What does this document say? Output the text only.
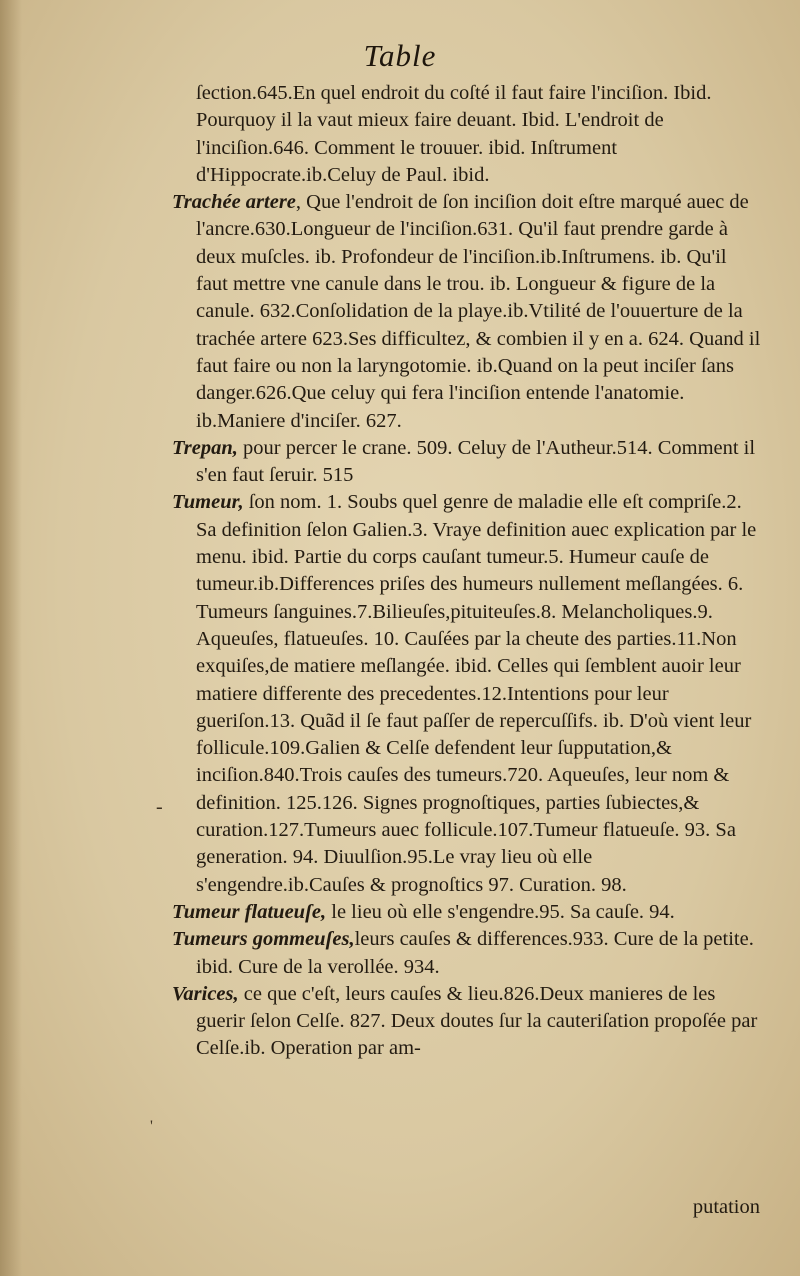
Table

ſection.645.En quel endroit du coſté il faut faire l'inciſion. Ibid. Pourquoy il la vaut mieux faire deuant. Ibid. L'endroit de l'inciſion.646. Comment le trouuer. ibid. Inſtrument d'Hippocrate.ib.Celuy de Paul. ibid.

Trachée artere, Que l'endroit de ſon inciſion doit eſtre marqué auec de l'ancre.630.Longueur de l'inciſion.631. Qu'il faut prendre garde à deux muſcles. ib. Profondeur de l'inciſion.ib.Inſtrumens. ib. Qu'il faut mettre vne canule dans le trou. ib. Longueur & figure de la canule. 632.Conſolidation de la playe.ib.Vtilité de l'ouuerture de la trachée artere 623.Ses difficultez, & combien il y en a. 624. Quand il faut faire ou non la laryngotomie. ib.Quand on la peut inciſer ſans danger.626.Que celuy qui fera l'inciſion entende l'anatomie. ib.Maniere d'inciſer. 627.

Trepan, pour percer le crane. 509. Celuy de l'Autheur.514. Comment il s'en faut ſeruir. 515

Tumeur, ſon nom. 1. Soubs quel genre de maladie elle eſt compriſe.2. Sa definition ſelon Galien.3. Vraye definition auec explication par le menu. ibid. Partie du corps cauſant tumeur.5. Humeur cauſe de tumeur.ib.Differences priſes des humeurs nullement meſlangées. 6. Tumeurs ſanguines.7.Bilieuſes,pituiteuſes.8. Melancholiques.9. Aqueuſes, flatueuſes. 10. Cauſées par la cheute des parties.11.Non exquiſes,de matiere meſlangée. ibid. Celles qui ſemblent auoir leur matiere differente des precedentes.12.Intentions pour leur gueriſon.13. Quãd il ſe faut paſſer de repercuſſifs. ib. D'où vient leur follicule.109.Galien & Celſe defendent leur ſupputation,& inciſion.840.Trois cauſes des tumeurs.720. Aqueuſes, leur nom & definition. 125.126. Signes prognoſtiques, parties ſubiectes,& curation.127.Tumeurs auec follicule.107.Tumeur flatueuſe. 93. Sa generation. 94. Diuulſion.95.Le vray lieu où elle s'engendre.ib.Cauſes & prognoſtics 97. Curation. 98.

Tumeur flatueuſe, le lieu où elle s'engendre.95. Sa cauſe. 94.

Tumeurs gommeuſes,leurs cauſes & differences.933. Cure de la petite. ibid. Cure de la verollée. 934.

Varices, ce que c'eſt, leurs cauſes & lieu.826.Deux manieres de les guerir ſelon Celſe. 827. Deux doutes ſur la cauteriſation propoſée par Celſe.ib. Operation par am-

putation
-
'
